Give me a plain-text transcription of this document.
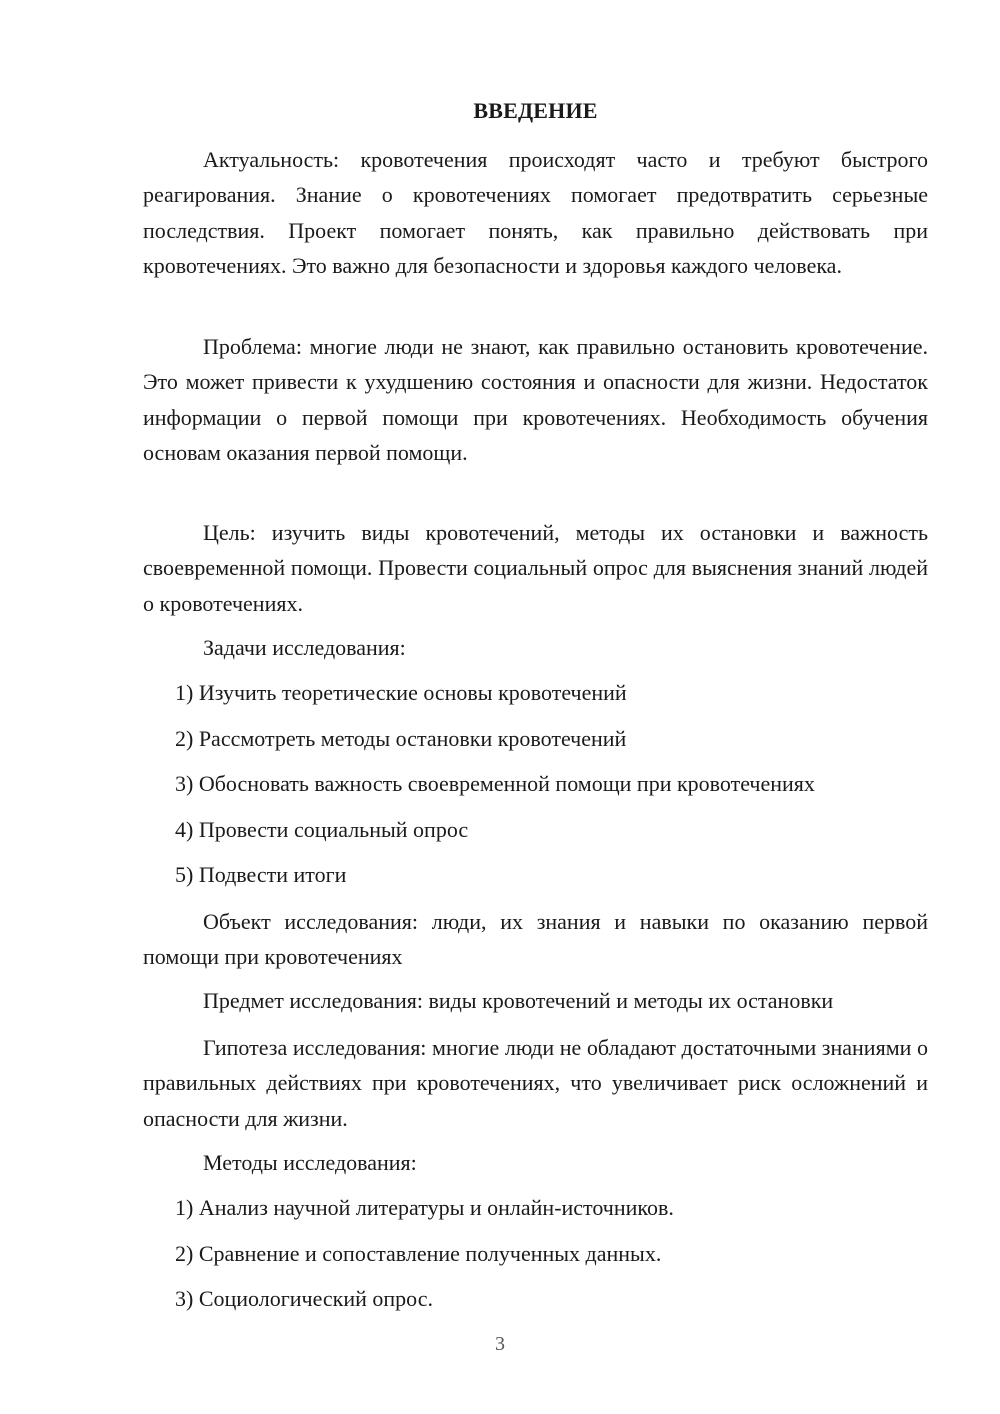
ВВЕДЕНИЕ

Актуальность: кровотечения происходят часто и требуют быстрого реагирования. Знание о кровотечениях помогает предотвратить серьезные последствия. Проект помогает понять, как правильно действовать при кровотечениях. Это важно для безопасности и здоровья каждого человека.

Проблема: многие люди не знают, как правильно остановить кровотечение. Это может привести к ухудшению состояния и опасности для жизни. Недостаток информации о первой помощи при кровотечениях. Необходимость обучения основам оказания первой помощи.

Цель: изучить виды кровотечений, методы их остановки и важность своевременной помощи. Провести социальный опрос для выяснения знаний людей о кровотечениях.

Задачи исследования:

1) Изучить теоретические основы кровотечений

2) Рассмотреть методы остановки кровотечений

3) Обосновать важность своевременной помощи при кровотечениях

4) Провести социальный опрос

5) Подвести итоги

Объект исследования: люди, их знания и навыки по оказанию первой помощи при кровотечениях

Предмет исследования: виды кровотечений и методы их остановки

Гипотеза исследования: многие люди не обладают достаточными знаниями о правильных действиях при кровотечениях, что увеличивает риск осложнений и опасности для жизни.

Методы исследования:

1) Анализ научной литературы и онлайн-источников.

2) Сравнение и сопоставление полученных данных.

3) Социологический опрос.

3
